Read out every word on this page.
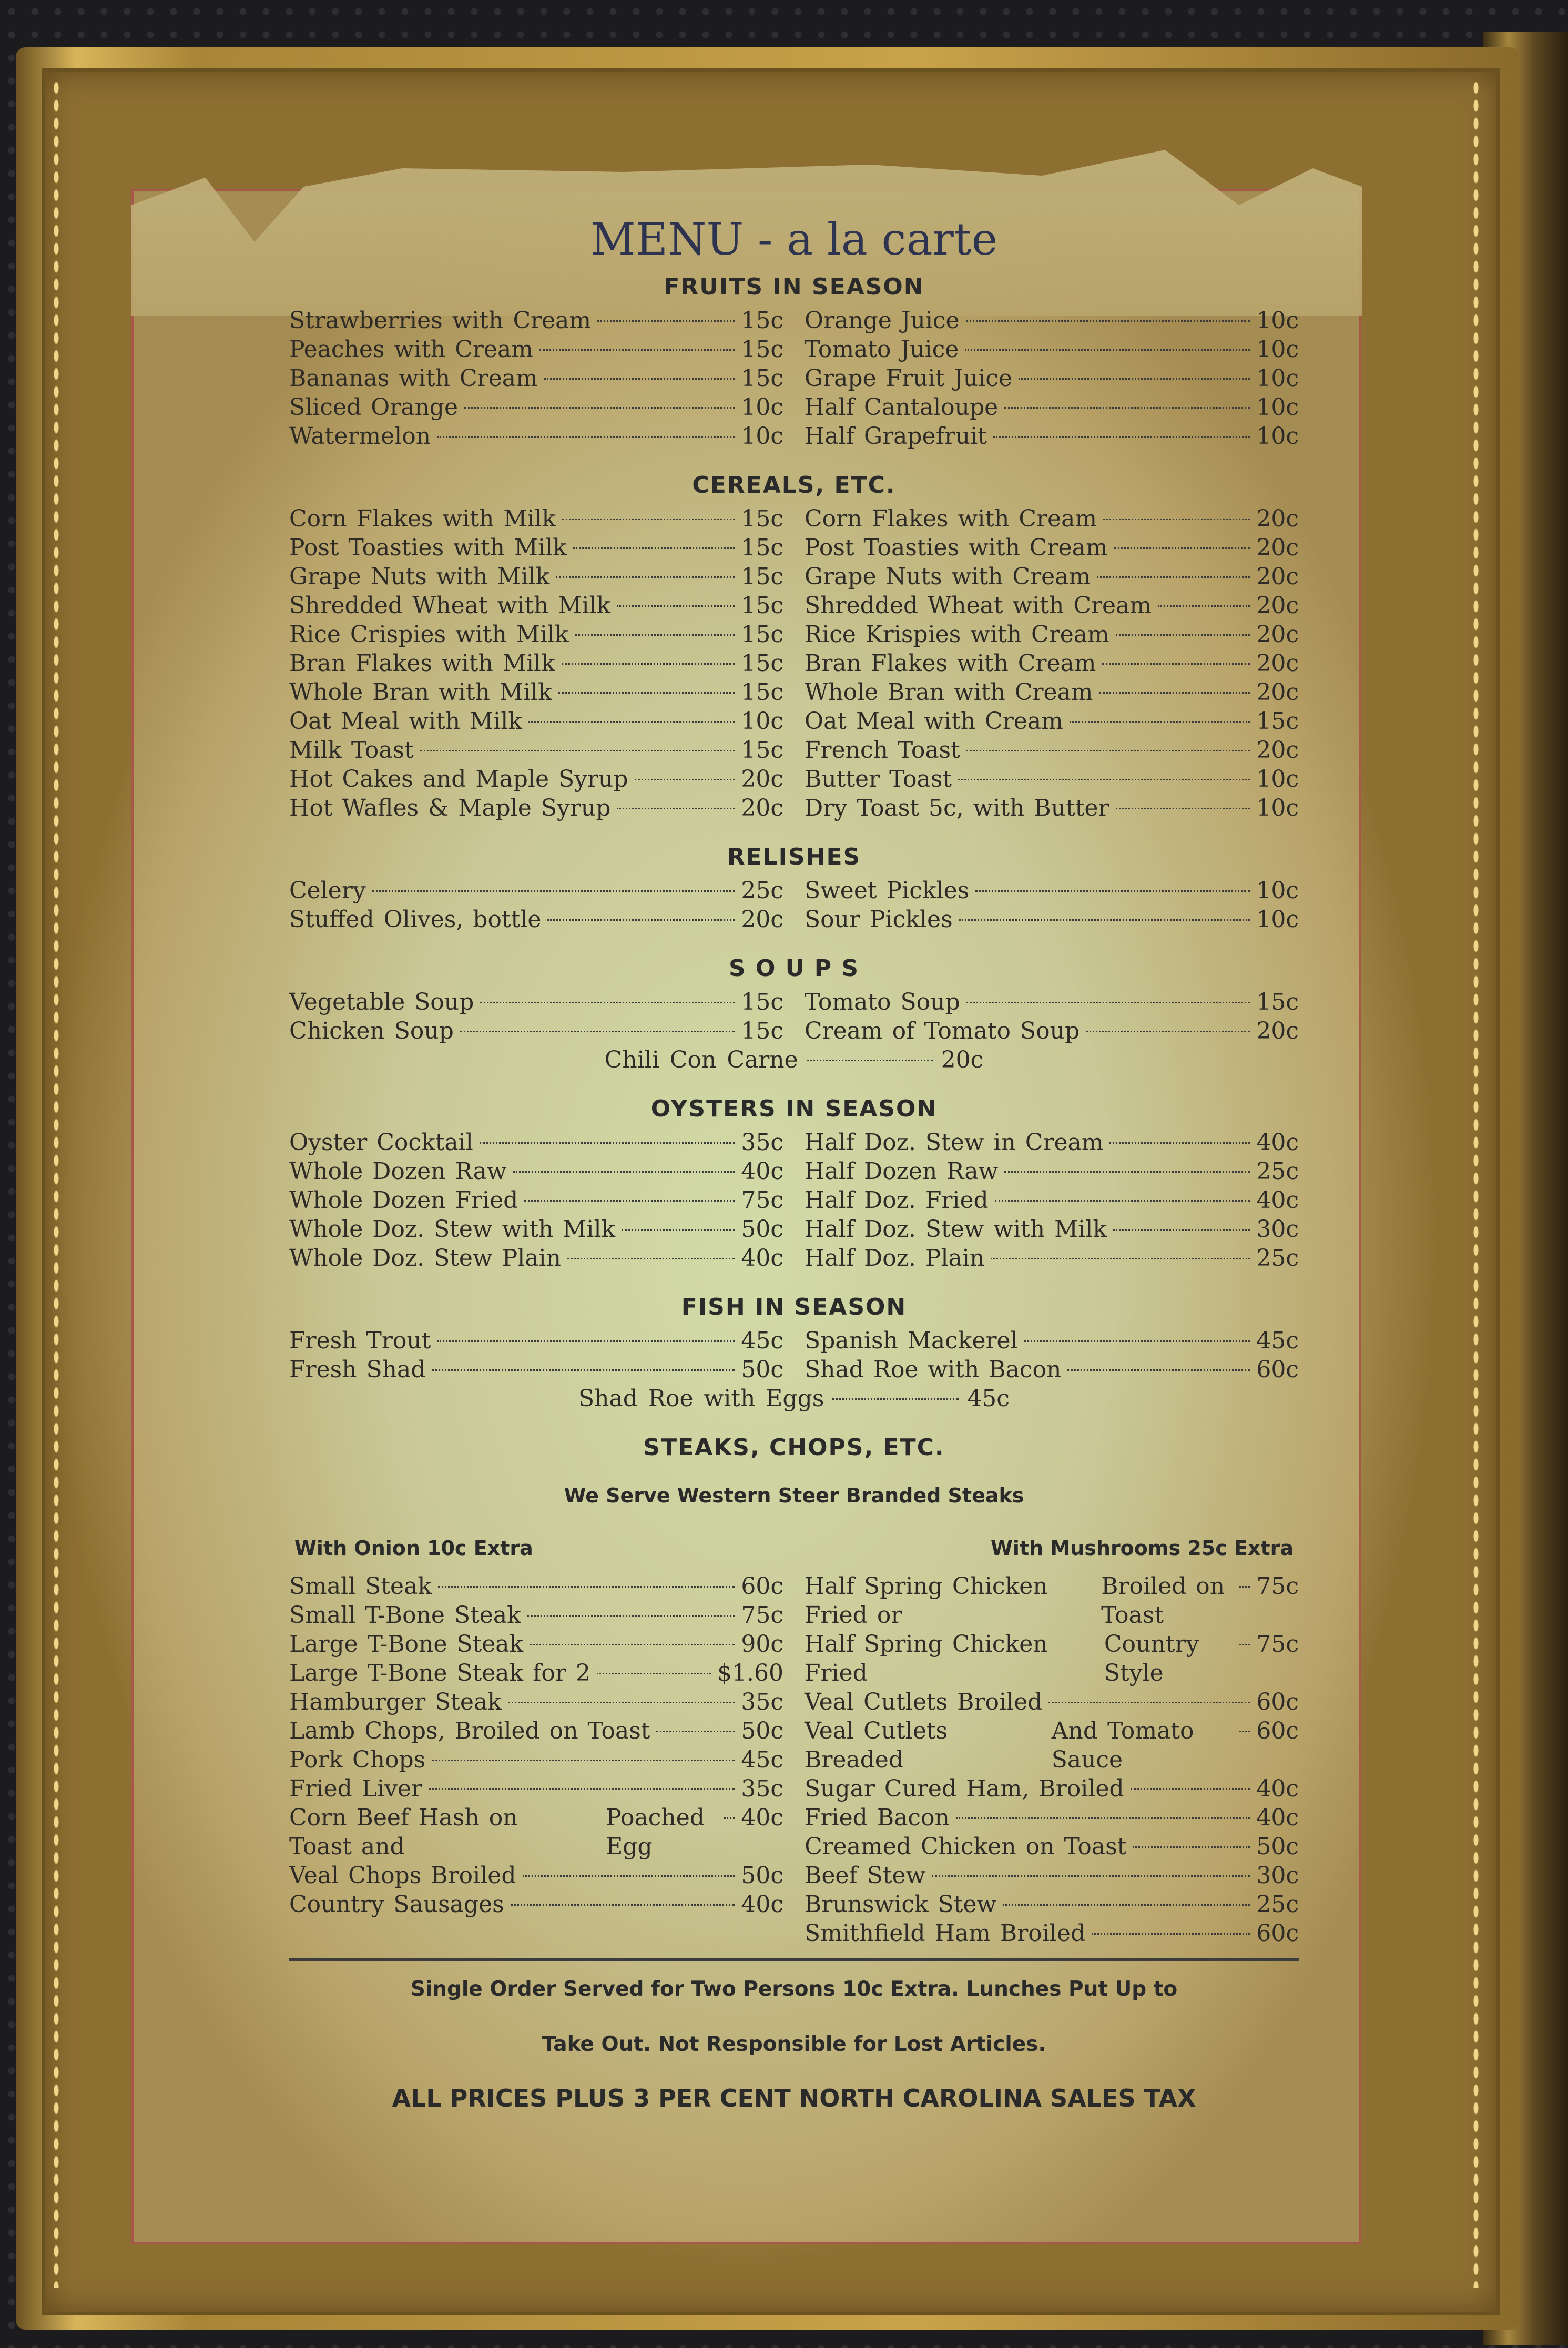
MENU - a la carte
FRUITS IN SEASON
Strawberries with Cream	15c
Peaches with Cream	15c
Bananas with Cream	15c
Sliced Orange	10c
Watermelon	10c
Orange Juice	10c
Tomato Juice	10c
Grape Fruit Juice	10c
Half Cantaloupe	10c
Half Grapefruit	10c
CEREALS, ETC.
Corn Flakes with Milk	15c
Post Toasties with Milk	15c
Grape Nuts with Milk	15c
Shredded Wheat with Milk	15c
Rice Crispies with Milk	15c
Bran Flakes with Milk	15c
Whole Bran with Milk	15c
Oat Meal with Milk	10c
Milk Toast	15c
Hot Cakes and Maple Syrup	20c
Hot Wafles & Maple Syrup	20c
Corn Flakes with Cream	20c
Post Toasties with Cream	20c
Grape Nuts with Cream	20c
Shredded Wheat with Cream	20c
Rice Krispies with Cream	20c
Bran Flakes with Cream	20c
Whole Bran with Cream	20c
Oat Meal with Cream	15c
French Toast	20c
Butter Toast	10c
Dry Toast 5c, with Butter	10c
RELISHES
Celery	25c
Stuffed Olives, bottle	20c
Sweet Pickles	10c
Sour Pickles	10c
S O U P S
Vegetable Soup	15c
Chicken Soup	15c
Tomato Soup	15c
Cream of Tomato Soup	20c
Chili Con Carne	20c
OYSTERS IN SEASON
Oyster Cocktail	35c
Whole Dozen Raw	40c
Whole Dozen Fried	75c
Whole Doz. Stew with Milk	50c
Whole Doz. Stew Plain	40c
Half Doz. Stew in Cream	40c
Half Dozen Raw	25c
Half Doz. Fried	40c
Half Doz. Stew with Milk	30c
Half Doz. Plain	25c
FISH IN SEASON
Fresh Trout	45c
Fresh Shad	50c
Spanish Mackerel	45c
Shad Roe with Bacon	60c
Shad Roe with Eggs	45c
STEAKS, CHOPS, ETC.
We Serve Western Steer Branded Steaks
With Onion 10c Extra	With Mushrooms 25c Extra
Small Steak	60c
Small T-Bone Steak	75c
Large T-Bone Steak	90c
Large T-Bone Steak for 2	$1.60
Hamburger Steak	35c
Lamb Chops, Broiled on Toast	50c
Pork Chops	45c
Fried Liver	35c
Corn Beef Hash on Toast and
Poached Egg
40c
Veal Chops Broiled	50c
Country Sausages	40c
Half Spring Chicken Fried or
Broiled on Toast
75c
Half Spring Chicken Fried
Country Style
75c
Veal Cutlets Broiled	60c
Veal Cutlets Breaded
And Tomato Sauce
60c
Sugar Cured Ham, Broiled	40c
Fried Bacon	40c
Creamed Chicken on Toast	50c
Beef Stew	30c
Brunswick Stew	25c
Smithfield Ham Broiled	60c
Single Order Served for Two Persons 10c Extra. Lunches Put Up to
Take Out. Not Responsible for Lost Articles.
ALL PRICES PLUS 3 PER CENT NORTH CAROLINA SALES TAX
